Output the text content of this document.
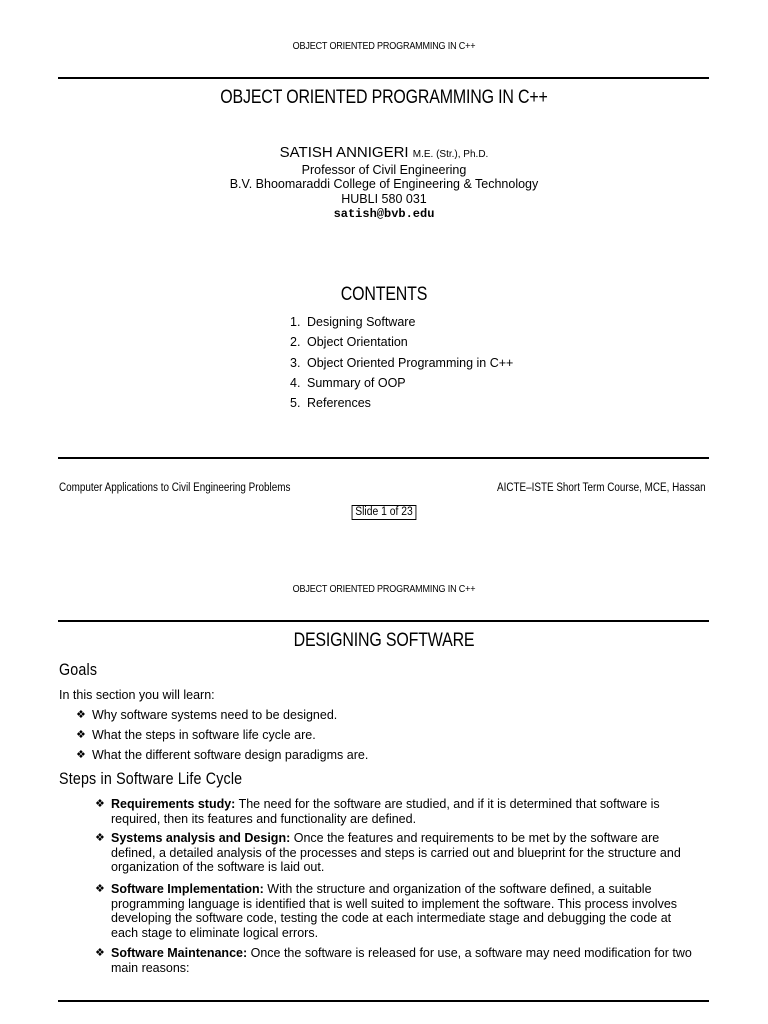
OBJECT ORIENTED PROGRAMMING IN C++
OBJECT ORIENTED PROGRAMMING IN C++
SATISH ANNIGERI M.E. (Str.), Ph.D.
Professor of Civil Engineering
B.V. Bhoomaraddi College of Engineering & Technology
HUBLI 580 031
satish@bvb.edu
CONTENTS
1. Designing Software
2. Object Orientation
3. Object Oriented Programming in C++
4. Summary of OOP
5. References
Computer Applications to Civil Engineering Problems	AICTE–ISTE Short Term Course, MCE, Hassan
Slide 1 of 23
OBJECT ORIENTED PROGRAMMING IN C++
DESIGNING SOFTWARE
Goals
In this section you will learn:
❖ Why software systems need to be designed.
❖ What the steps in software life cycle are.
❖ What the different software design paradigms are.
Steps in Software Life Cycle
❖ Requirements study: The need for the software are studied, and if it is determined that software is
required, then its features and functionality are defined.
❖ Systems analysis and Design: Once the features and requirements to be met by the software are
defined, a detailed analysis of the processes and steps is carried out and blueprint for the structure and
organization of the software is laid out.
❖ Software Implementation: With the structure and organization of the software defined, a suitable
programming language is identified that is well suited to implement the software. This process involves
developing the software code, testing the code at each intermediate stage and debugging the code at
each stage to eliminate logical errors.
❖ Software Maintenance: Once the software is released for use, a software may need modification for two
main reasons:
